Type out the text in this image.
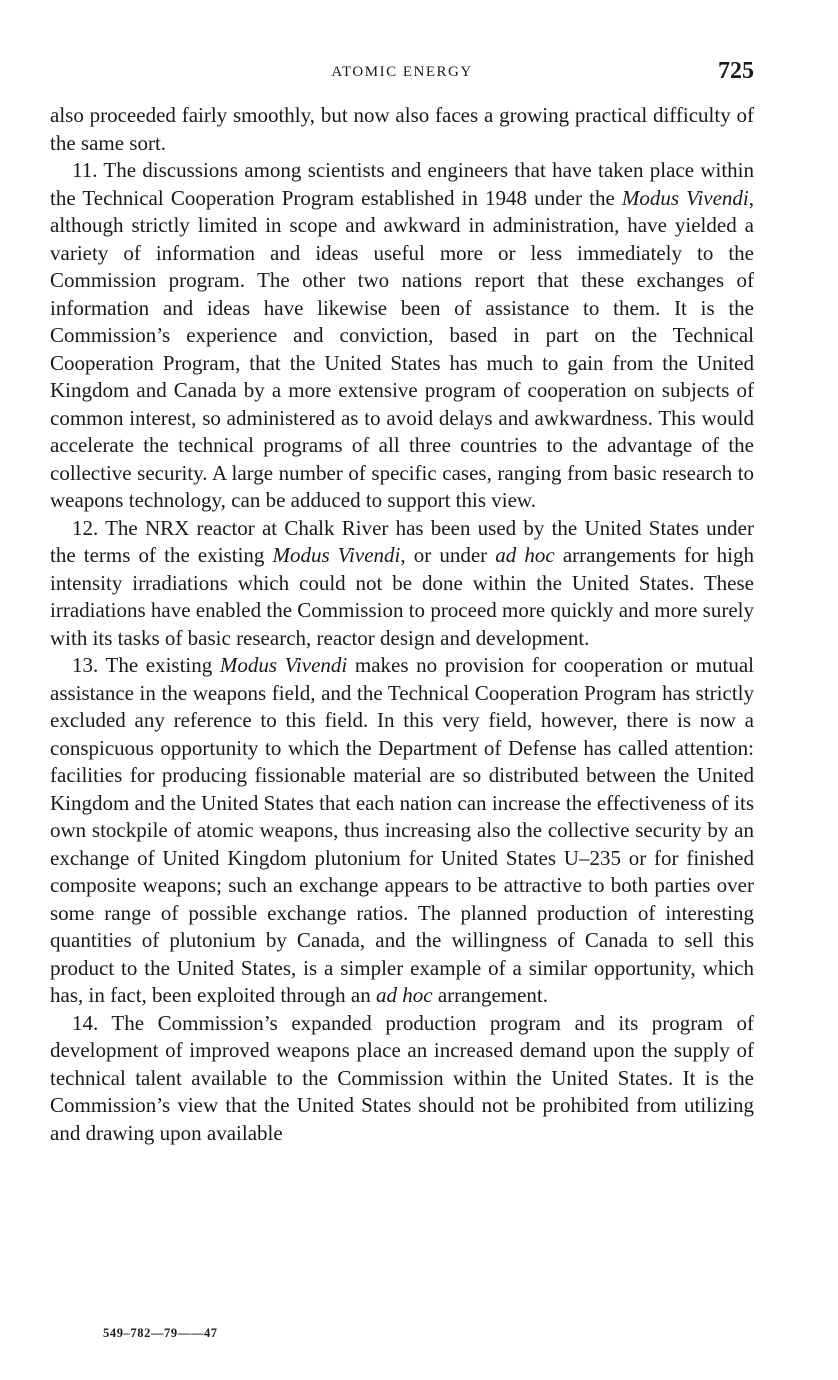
ATOMIC ENERGY	725

also proceeded fairly smoothly, but now also faces a growing practical difficulty of the same sort.

11. The discussions among scientists and engineers that have taken place within the Technical Cooperation Program established in 1948 under the Modus Vivendi, although strictly limited in scope and awkward in administration, have yielded a variety of information and ideas useful more or less immediately to the Commission program. The other two nations report that these exchanges of information and ideas have likewise been of assistance to them. It is the Commission’s experience and conviction, based in part on the Technical Cooperation Program, that the United States has much to gain from the United Kingdom and Canada by a more extensive program of cooperation on subjects of common interest, so administered as to avoid delays and awkwardness. This would accelerate the technical programs of all three countries to the advantage of the collective security. A large number of specific cases, ranging from basic research to weapons technology, can be adduced to support this view.

12. The NRX reactor at Chalk River has been used by the United States under the terms of the existing Modus Vivendi, or under ad hoc arrangements for high intensity irradiations which could not be done within the United States. These irradiations have enabled the Commission to proceed more quickly and more surely with its tasks of basic research, reactor design and development.

13. The existing Modus Vivendi makes no provision for cooperation or mutual assistance in the weapons field, and the Technical Cooperation Program has strictly excluded any reference to this field. In this very field, however, there is now a conspicuous opportunity to which the Department of Defense has called attention: facilities for producing fissionable material are so distributed between the United Kingdom and the United States that each nation can increase the effectiveness of its own stockpile of atomic weapons, thus increasing also the collective security by an exchange of United Kingdom plutonium for United States U–235 or for finished composite weapons; such an exchange appears to be attractive to both parties over some range of possible exchange ratios. The planned production of interesting quantities of plutonium by Canada, and the willingness of Canada to sell this product to the United States, is a simpler example of a similar opportunity, which has, in fact, been exploited through an ad hoc arrangement.

14. The Commission’s expanded production program and its program of development of improved weapons place an increased demand upon the supply of technical talent available to the Commission within the United States. It is the Commission’s view that the United States should not be prohibited from utilizing and drawing upon available

549–782—79——47
